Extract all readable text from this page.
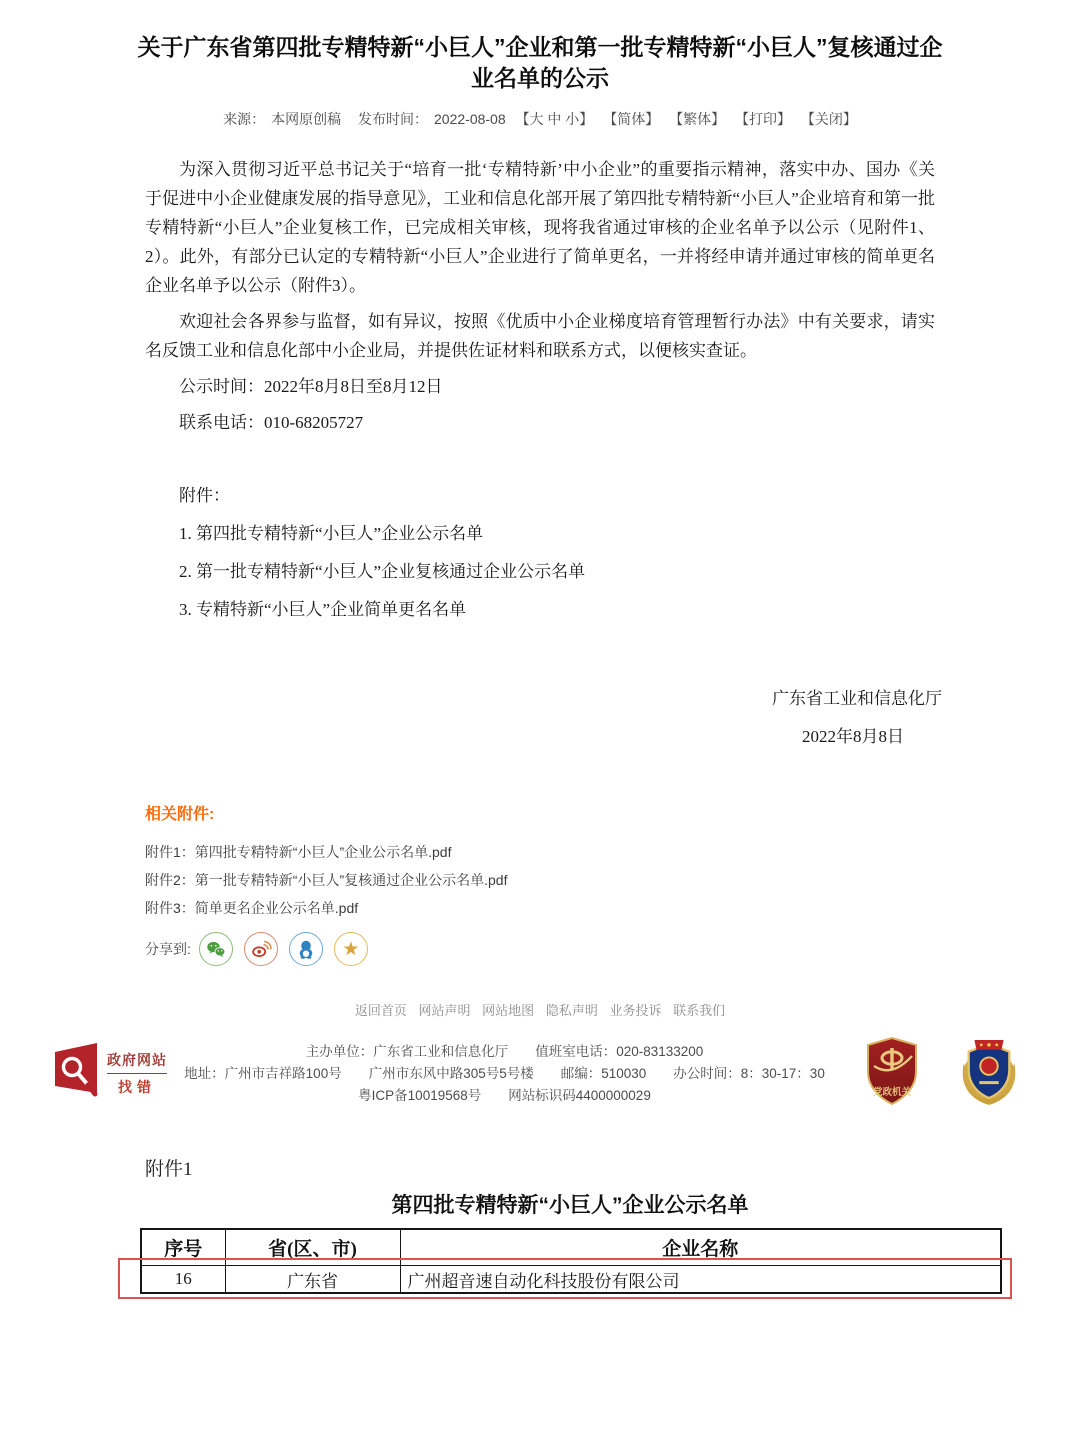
关于广东省第四批专精特新“小巨人”企业和第一批专精特新“小巨人”复核通过企业名单的公示
来源： 本网原创稿 发布时间： 2022-08-08 【大 中 小】 【简体】 【繁体】 【打印】 【关闭】

为深入贯彻习近平总书记关于“培育一批‘专精特新’中小企业”的重要指示精神，落实中办、国办《关于促进中小企业健康发展的指导意见》，工业和信息化部开展了第四批专精特新“小巨人”企业培育和第一批专精特新“小巨人”企业复核工作，已完成相关审核，现将我省通过审核的企业名单予以公示（见附件1、2）。此外，有部分已认定的专精特新“小巨人”企业进行了简单更名，一并将经申请并通过审核的简单更名企业名单予以公示（附件3）。

欢迎社会各界参与监督，如有异议，按照《优质中小企业梯度培育管理暂行办法》中有关要求，请实名反馈工业和信息化部中小企业局，并提供佐证材料和联系方式，以便核实查证。

公示时间：2022年8月8日至8月12日

联系电话：010-68205727

附件：

1. 第四批专精特新“小巨人”企业公示名单

2. 第一批专精特新“小巨人”企业复核通过企业公示名单

3. 专精特新“小巨人”企业简单更名名单

广东省工业和信息化厅
2022年8月8日
相关附件:
附件1：第四批专精特新“小巨人”企业公示名单.pdf
附件2：第一批专精特新“小巨人”复核通过企业公示名单.pdf
附件3：简单更名企业公示名单.pdf
分享到:	★
返回首页 网站声明 网站地图 隐私声明 业务投诉 联系我们
政府网站
找错
主办单位：广东省工业和信息化厅　　值班室电话：020-83133200
地址：广州市吉祥路100号　　广州市东风中路305号5号楼　　邮编：510030　　办公时间：8：30-17：30
粤ICP备10019568号　　网站标识码4400000029	党政机关
附件1
第四批专精特新“小巨人”企业公示名单
序号	省(区、市)	企业名称
16	广东省	广州超音速自动化科技股份有限公司
